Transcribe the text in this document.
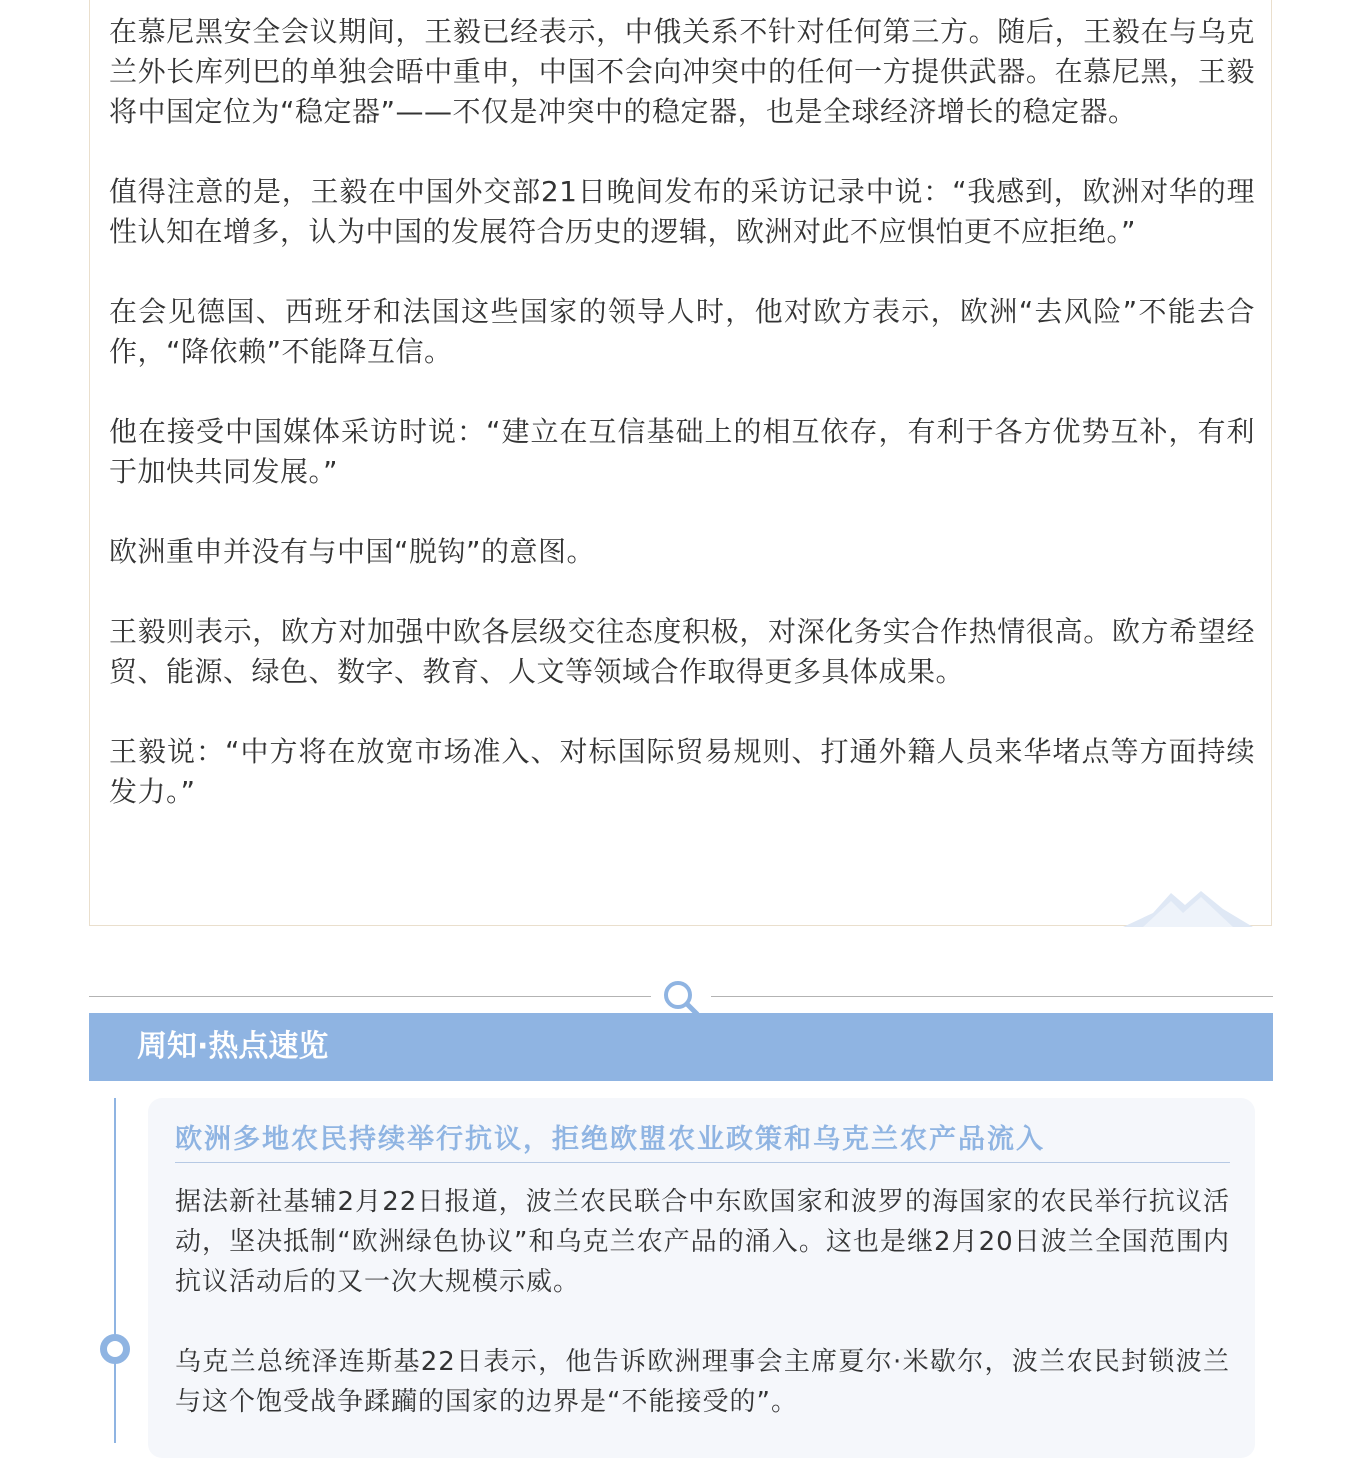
在慕尼黑安全会议期间，王毅已经表示，中俄关系不针对任何第三方。随后，王毅在与乌克兰外长库列巴的单独会晤中重申，中国不会向冲突中的任何一方提供武器。在慕尼黑，王毅将中国定位为“稳定器”——不仅是冲突中的稳定器，也是全球经济增长的稳定器。

值得注意的是，王毅在中国外交部21日晚间发布的采访记录中说：“我感到，欧洲对华的理性认知在增多，认为中国的发展符合历史的逻辑，欧洲对此不应惧怕更不应拒绝。”

在会见德国、西班牙和法国这些国家的领导人时，他对欧方表示，欧洲“去风险”不能去合作，“降依赖”不能降互信。

他在接受中国媒体采访时说：“建立在互信基础上的相互依存，有利于各方优势互补，有利于加快共同发展。”

欧洲重申并没有与中国“脱钩”的意图。

王毅则表示，欧方对加强中欧各层级交往态度积极，对深化务实合作热情很高。欧方希望经贸、能源、绿色、数字、教育、人文等领域合作取得更多具体成果。

王毅说：“中方将在放宽市场准入、对标国际贸易规则、打通外籍人员来华堵点等方面持续发力。”

周知·热点速览
欧洲多地农民持续举行抗议，拒绝欧盟农业政策和乌克兰农产品流入

据法新社基辅2月22日报道，波兰农民联合中东欧国家和波罗的海国家的农民举行抗议活动，坚决抵制“欧洲绿色协议”和乌克兰农产品的涌入。这也是继2月20日波兰全国范围内抗议活动后的又一次大规模示威。

乌克兰总统泽连斯基22日表示，他告诉欧洲理事会主席夏尔·米歇尔，波兰农民封锁波兰与这个饱受战争蹂躏的国家的边界是“不能接受的”。
